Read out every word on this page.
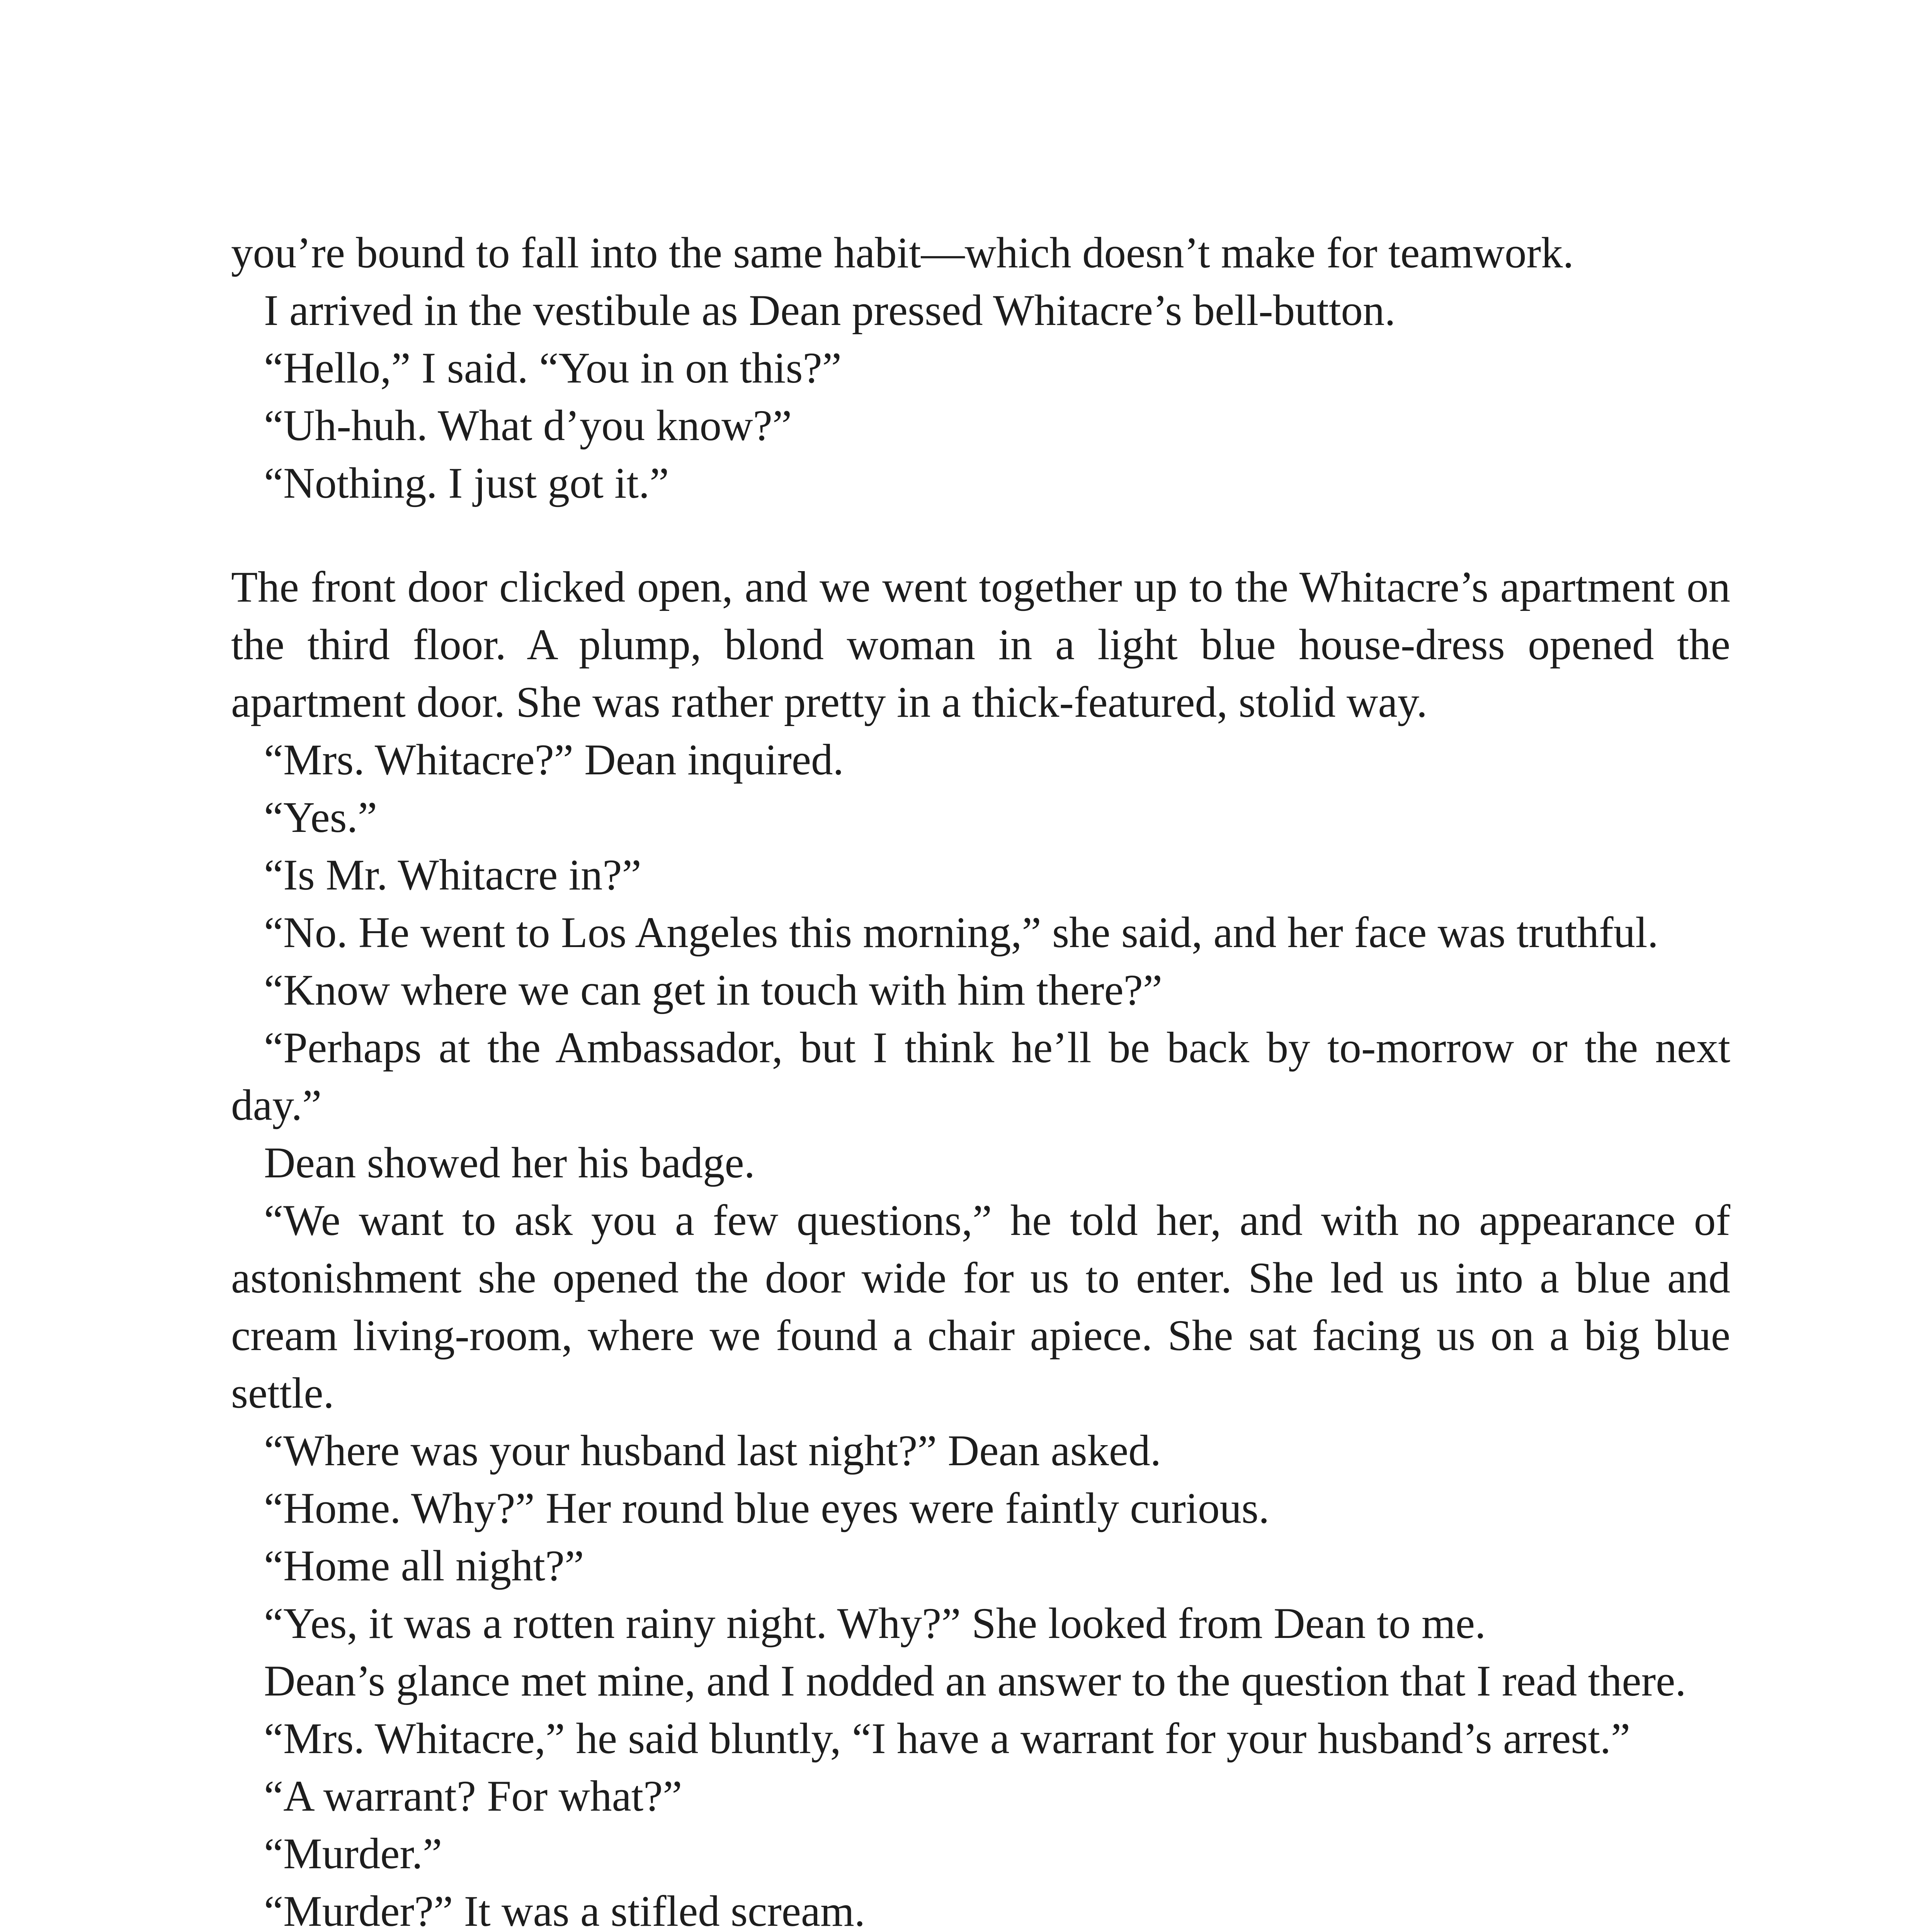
you’re bound to fall into the same habit—which doesn’t make for teamwork.

I arrived in the vestibule as Dean pressed Whitacre’s bell-button.

“Hello,” I said. “You in on this?”

“Uh-huh. What d’you know?”

“Nothing. I just got it.”

The front door clicked open, and we went together up to the Whitacre’s apartment on the third floor. A plump, blond woman in a light blue house-dress opened the apartment door. She was rather pretty in a thick-featured, stolid way.

“Mrs. Whitacre?” Dean inquired.

“Yes.”

“Is Mr. Whitacre in?”

“No. He went to Los Angeles this morning,” she said, and her face was truthful.

“Know where we can get in touch with him there?”

“Perhaps at the Ambassador, but I think he’ll be back by to-morrow or the next day.”

Dean showed her his badge.

“We want to ask you a few questions,” he told her, and with no appearance of astonishment she opened the door wide for us to enter. She led us into a blue and cream living-room, where we found a chair apiece. She sat facing us on a big blue settle.

“Where was your husband last night?” Dean asked.

“Home. Why?” Her round blue eyes were faintly curious.

“Home all night?”

“Yes, it was a rotten rainy night. Why?” She looked from Dean to me.

Dean’s glance met mine, and I nodded an answer to the question that I read there.

“Mrs. Whitacre,” he said bluntly, “I have a warrant for your husband’s arrest.”

“A warrant? For what?”

“Murder.”

“Murder?” It was a stifled scream.
